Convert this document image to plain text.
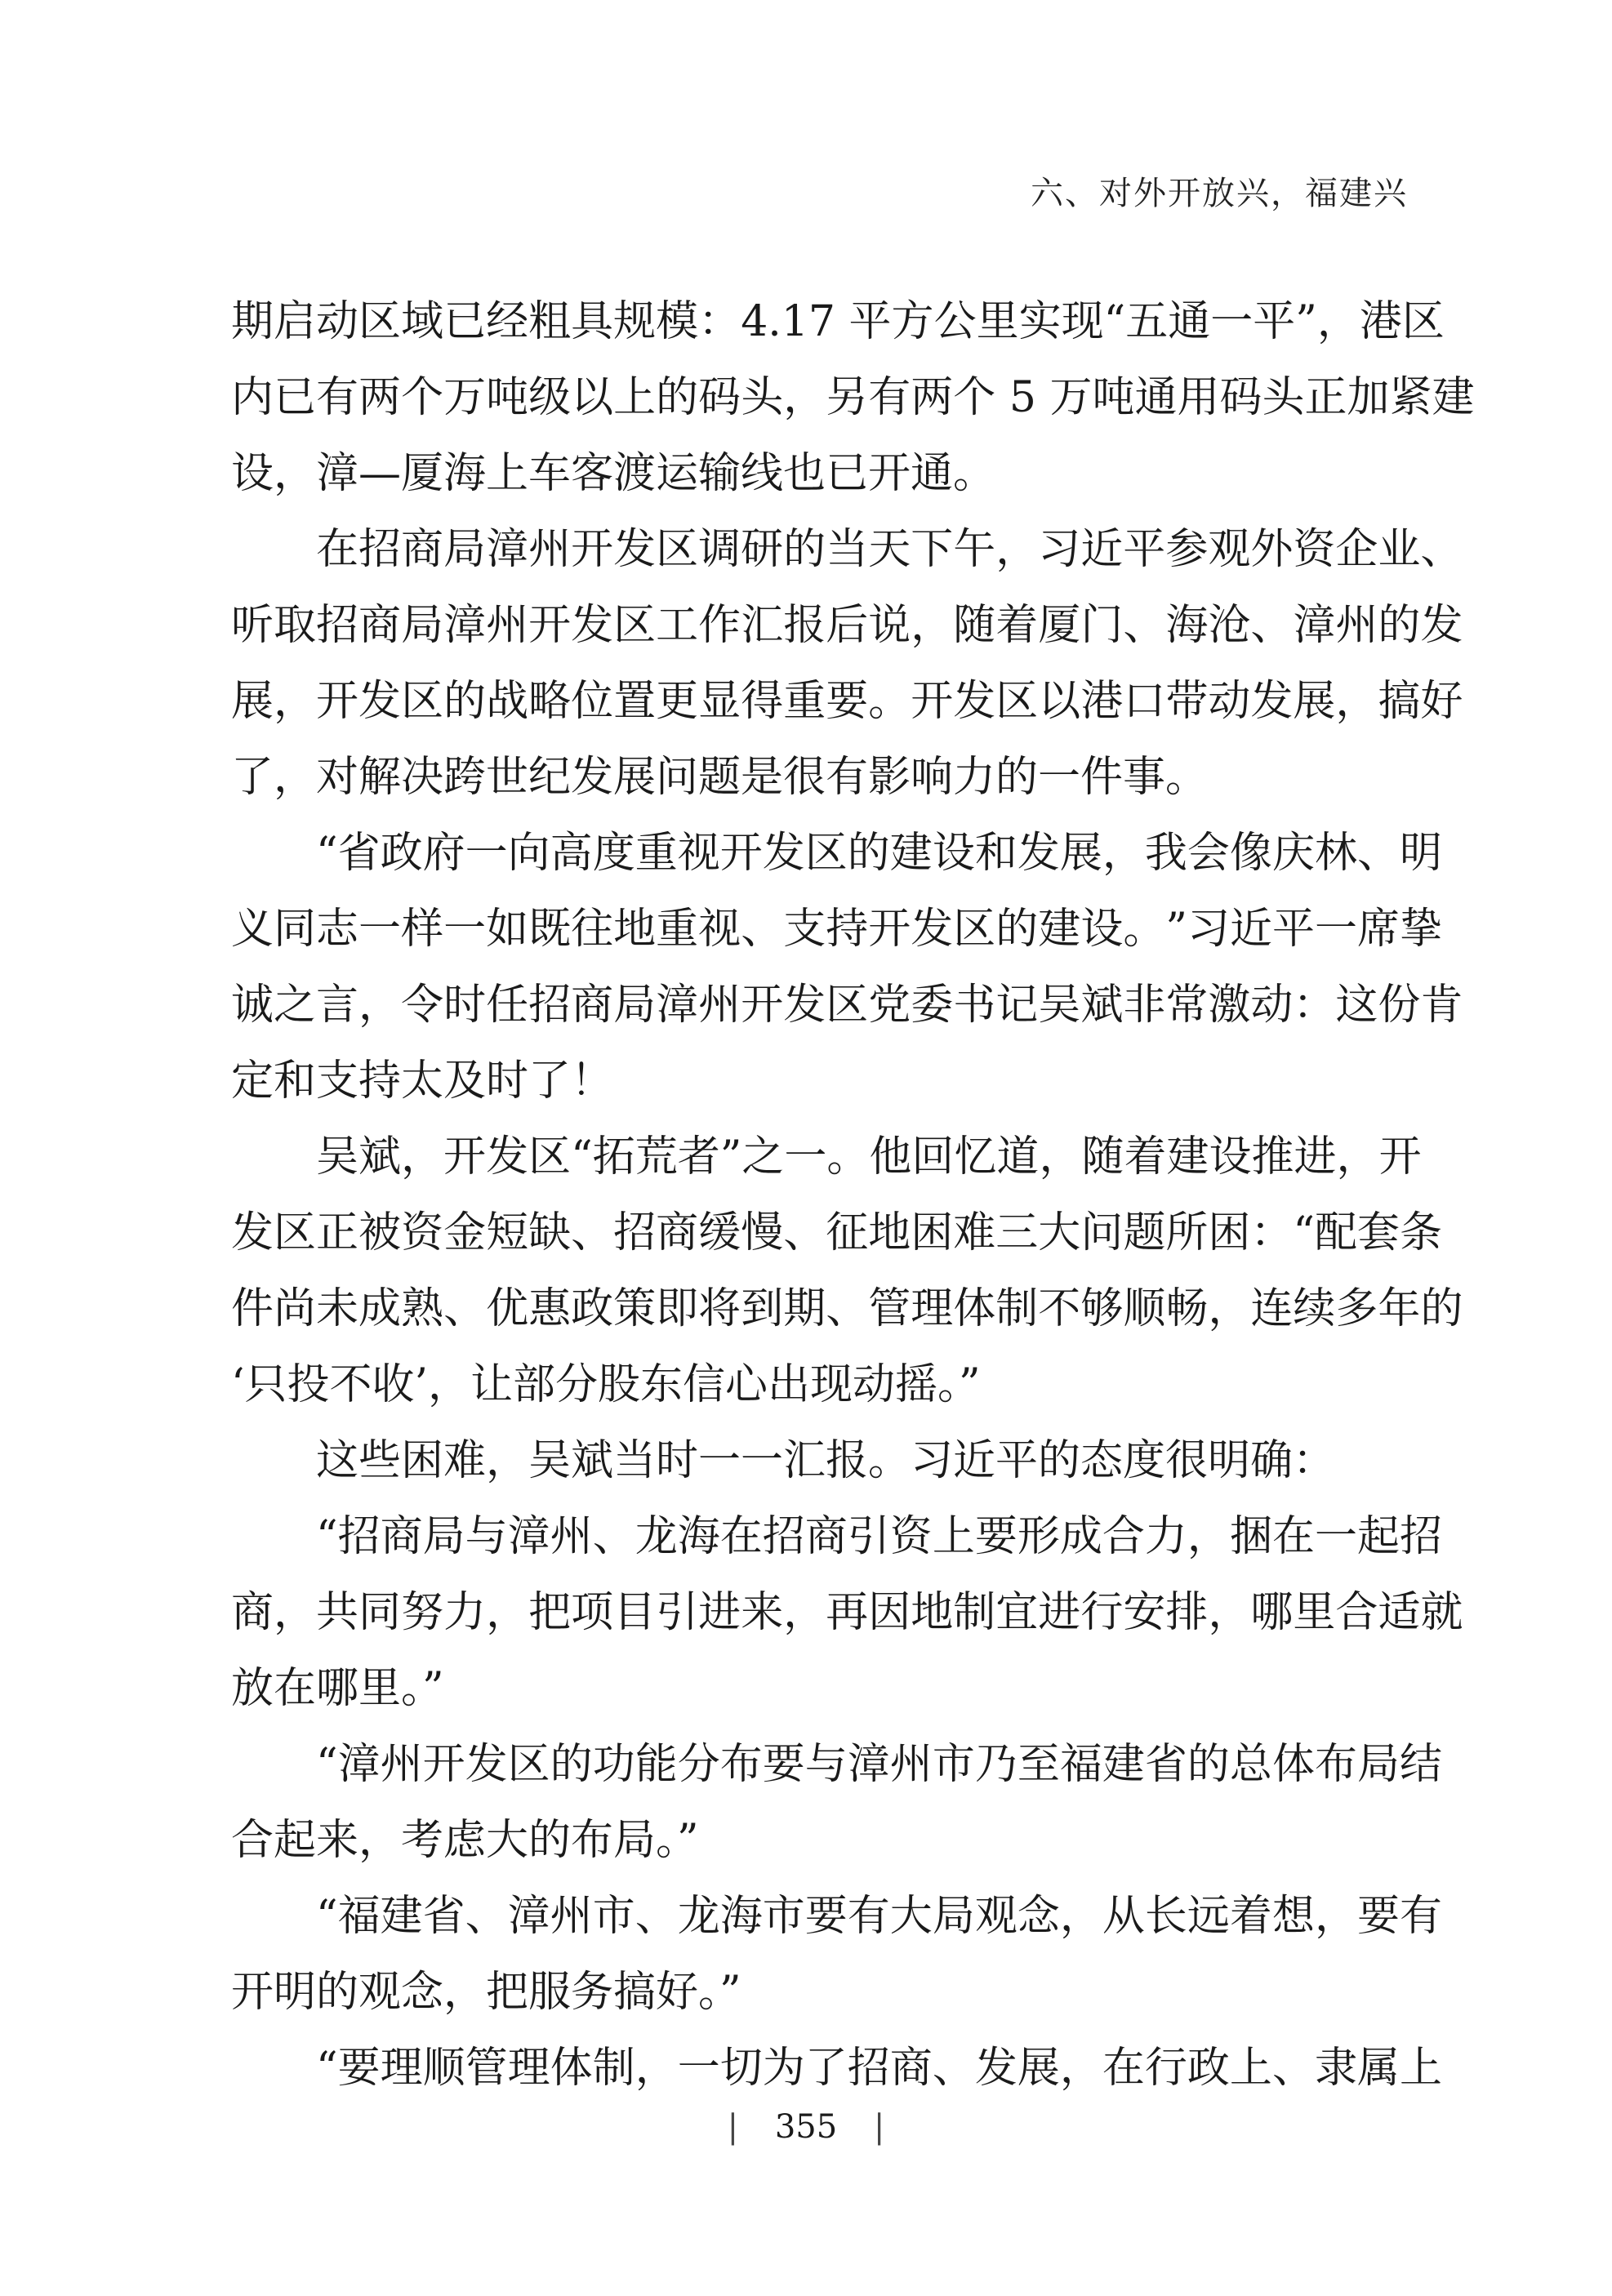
六、对外开放兴，福建兴
期 启 动 区 域 已 经 粗 具 规 模 ： 4 . 1 7
平 方 公 里 实 现 “ 五 通 一 平 ” ， 港 区
内 已 有 两 个 万 吨 级 以 上 的 码 头 ， 另 有 两 个
5
万 吨 通 用 码 头 正 加 紧 建
设，漳—厦海上车客渡运输线也已开通。
在 招 商 局 漳 州 开 发 区 调 研 的 当 天 下 午 ， 习 近 平 参 观 外 资 企 业 、
听 取 招 商 局 漳 州 开 发 区 工 作 汇 报 后 说 ， 随 着 厦 门 、 海 沧 、 漳 州 的 发
展 ， 开 发 区 的 战 略 位 置 更 显 得 重 要 。 开 发 区 以 港 口 带 动 发 展 ， 搞 好
了，对解决跨世纪发展问题是很有影响力的一件事。
“ 省 政 府 一 向 高 度 重 视 开 发 区 的 建 设 和 发 展 ， 我 会 像 庆 林 、 明
义 同 志 一 样 一 如 既 往 地 重 视 、 支 持 开 发 区 的 建 设 。 ” 习 近 平 一 席 挚
诚 之 言 ， 令 时 任 招 商 局 漳 州 开 发 区 党 委 书 记 吴 斌 非 常 激 动 ： 这 份 肯
定和支持太及时了！
吴 斌 ， 开 发 区 “ 拓 荒 者 ” 之 一 。 他 回 忆 道 ， 随 着 建 设 推 进 ， 开
发 区 正 被 资 金 短 缺 、 招 商 缓 慢 、 征 地 困 难 三 大 问 题 所 困 ： “ 配 套 条
件 尚 未 成 熟 、 优 惠 政 策 即 将 到 期 、 管 理 体 制 不 够 顺 畅 ， 连 续 多 年 的
‘只投不收’，让部分股东信心出现动摇。”
这些困难，吴斌当时一一汇报。习近平的态度很明确：
“ 招 商 局 与 漳 州 、 龙 海 在 招 商 引 资 上 要 形 成 合 力 ， 捆 在 一 起 招
商 ， 共 同 努 力 ， 把 项 目 引 进 来 ， 再 因 地 制 宜 进 行 安 排 ， 哪 里 合 适 就
放在哪里。”
“ 漳 州 开 发 区 的 功 能 分 布 要 与 漳 州 市 乃 至 福 建 省 的 总 体 布 局 结
合起来，考虑大的布局。”
“ 福 建 省 、 漳 州 市 、 龙 海 市 要 有 大 局 观 念 ， 从 长 远 着 想 ， 要 有
开明的观念，把服务搞好。”
“ 要 理 顺 管 理 体 制 ， 一 切 为 了 招 商 、 发 展 ， 在 行 政 上 、 隶 属 上
| 355 |
